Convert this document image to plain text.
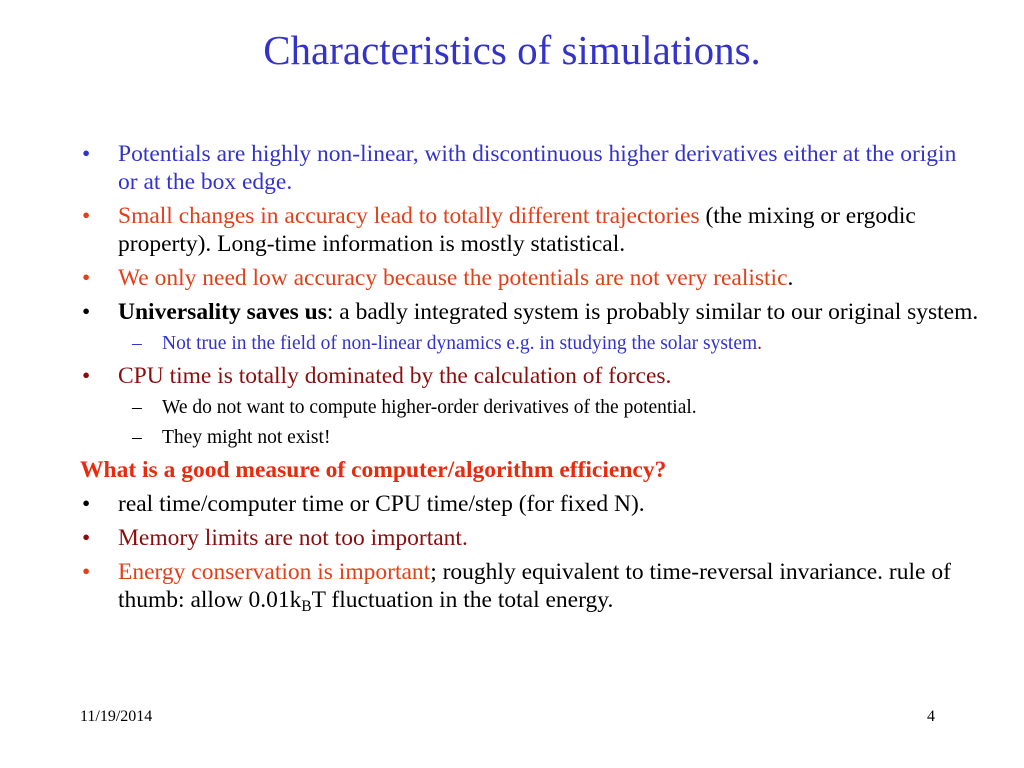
Characteristics of simulations.
• Potentials are highly non-linear, with discontinuous higher derivatives either at the origin or at the box edge.
• Small changes in accuracy lead to totally different trajectories (the mixing or ergodic property). Long-time information is mostly statistical.
• We only need low accuracy because the potentials are not very realistic.
• Universality saves us: a badly integrated system is probably similar to our original system.
– Not true in the field of non-linear dynamics e.g. in studying the solar system.
• CPU time is totally dominated by the calculation of forces.
– We do not want to compute higher-order derivatives of the potential.
– They might not exist!
What is a good measure of computer/algorithm efficiency?
• real time/computer time or CPU time/step (for fixed N).
• Memory limits are not too important.
• Energy conservation is important; roughly equivalent to time-reversal invariance. rule of thumb: allow $0.01k_BT$ fluctuation in the total energy.
11/19/2014	4
